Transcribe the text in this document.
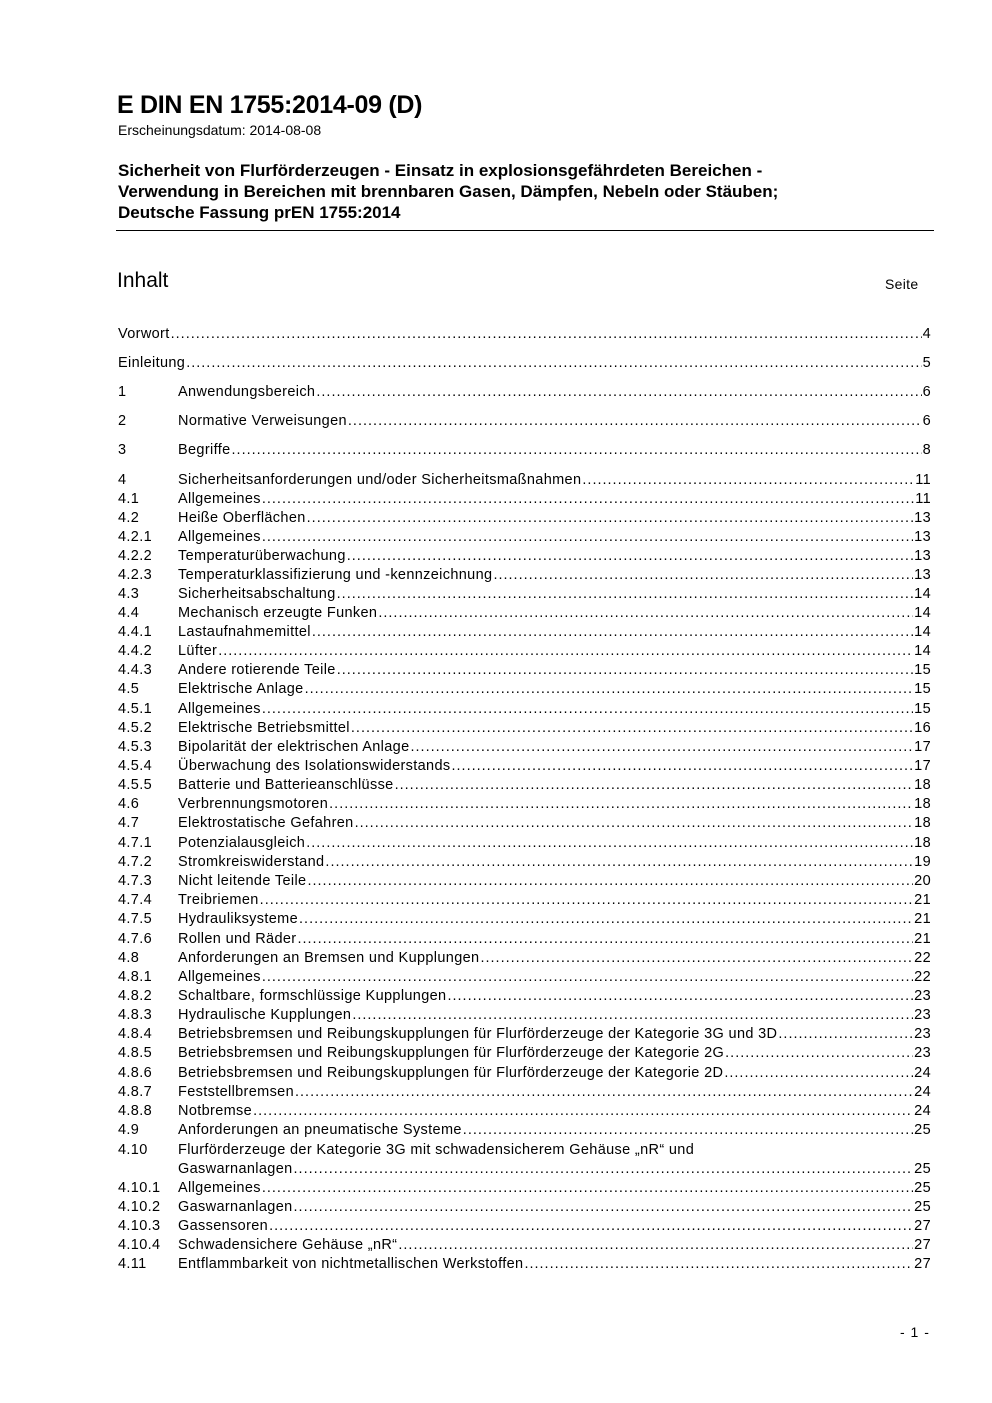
E DIN EN 1755:2014-09 (D)
Erscheinungsdatum: 2014-08-08
Sicherheit von Flurförderzeugen - Einsatz in explosionsgefährdeten Bereichen -
Verwendung in Bereichen mit brennbaren Gasen, Dämpfen, Nebeln oder Stäuben;
Deutsche Fassung prEN 1755:2014
Inhalt	Seite
Vorwort .....	4
Einleitung .....	5
1	Anwendungsbereich .....	6
2	Normative Verweisungen .....	6
3	Begriffe .....	8
4	Sicherheitsanforderungen und/oder Sicherheitsmaßnahmen .....	11
4.1	Allgemeines .....	11
4.2	Heiße Oberflächen .....	13
4.2.1	Allgemeines .....	13
4.2.2	Temperaturüberwachung .....	13
4.2.3	Temperaturklassifizierung und -kennzeichnung .....	13
4.3	Sicherheitsabschaltung .....	14
4.4	Mechanisch erzeugte Funken .....	14
4.4.1	Lastaufnahmemittel .....	14
4.4.2	Lüfter .....	14
4.4.3	Andere rotierende Teile .....	15
4.5	Elektrische Anlage .....	15
4.5.1	Allgemeines .....	15
4.5.2	Elektrische Betriebsmittel .....	16
4.5.3	Bipolarität der elektrischen Anlage .....	17
4.5.4	Überwachung des Isolationswiderstands .....	17
4.5.5	Batterie und Batterieanschlüsse .....	18
4.6	Verbrennungsmotoren .....	18
4.7	Elektrostatische Gefahren .....	18
4.7.1	Potenzialausgleich .....	18
4.7.2	Stromkreiswiderstand .....	19
4.7.3	Nicht leitende Teile .....	20
4.7.4	Treibriemen .....	21
4.7.5	Hydrauliksysteme .....	21
4.7.6	Rollen und Räder .....	21
4.8	Anforderungen an Bremsen und Kupplungen .....	22
4.8.1	Allgemeines .....	22
4.8.2	Schaltbare, formschlüssige Kupplungen .....	23
4.8.3	Hydraulische Kupplungen .....	23
4.8.4	Betriebsbremsen und Reibungskupplungen für Flurförderzeuge der Kategorie 3G und 3D .....	23
4.8.5	Betriebsbremsen und Reibungskupplungen für Flurförderzeuge der Kategorie 2G .....	23
4.8.6	Betriebsbremsen und Reibungskupplungen für Flurförderzeuge der Kategorie 2D .....	24
4.8.7	Feststellbremsen .....	24
4.8.8	Notbremse .....	24
4.9	Anforderungen an pneumatische Systeme .....	25
4.10 Flurförderzeuge der Kategorie 3G mit schwadensicherem Gehäuse „nR“ und
Gaswarnanlagen .....	25
4.10.1	Allgemeines .....	25
4.10.2	Gaswarnanlagen .....	25
4.10.3	Gassensoren .....	27
4.10.4	Schwadensichere Gehäuse „nR“ .....	27
4.11	Entflammbarkeit von nichtmetallischen Werkstoffen .....	27
- 1 -
